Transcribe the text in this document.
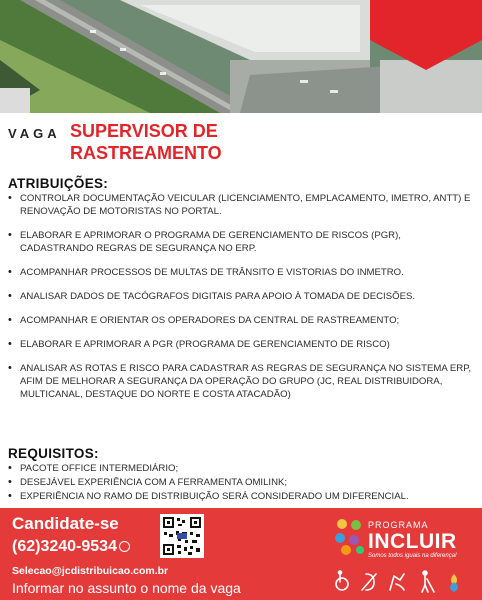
VAGA SUPERVISOR DE RASTREAMENTO
ATRIBUIÇÕES:
• CONTROLAR DOCUMENTAÇÃO VEICULAR (LICENCIAMENTO, EMPLACAMENTO, IMETRO, ANTT) E RENOVAÇÃO DE MOTORISTAS NO PORTAL.
• ELABORAR E APRIMORAR O PROGRAMA DE GERENCIAMENTO DE RISCOS (PGR), CADASTRANDO REGRAS DE SEGURANÇA NO ERP.
• ACOMPANHAR PROCESSOS DE MULTAS DE TRÂNSITO E VISTORIAS DO INMETRO.
• ANALISAR DADOS DE TACÓGRAFOS DIGITAIS PARA APOIO À TOMADA DE DECISÕES.
• ACOMPANHAR E ORIENTAR OS OPERADORES DA CENTRAL DE RASTREAMENTO;
• ELABORAR E APRIMORAR A PGR (PROGRAMA DE GERENCIAMENTO DE RISCO)
• ANALISAR AS ROTAS E RISCO PARA CADASTRAR AS REGRAS DE SEGURANÇA NO SISTEMA ERP, AFIM DE MELHORAR A SEGURANÇA DA OPERAÇÃO DO GRUPO (JC, REAL DISTRIBUIDORA, MULTICANAL, DESTAQUE DO NORTE E COSTA ATACADÃO)
REQUISITOS:
• PACOTE OFFICE INTERMEDIÁRIO;
• DESEJÁVEL EXPERIÊNCIA COM A FERRAMENTA OMILINK;
• EXPERIÊNCIA NO RAMO DE DISTRIBUIÇÃO SERÁ CONSIDERADO UM DIFERENCIAL.
Candidate-se
(62)3240-9534
Selecao@jcdistribuicao.com.br
Informar no assunto o nome da vaga
PROGRAMA
INCLUIR
Somos todos iguais na diferença!
